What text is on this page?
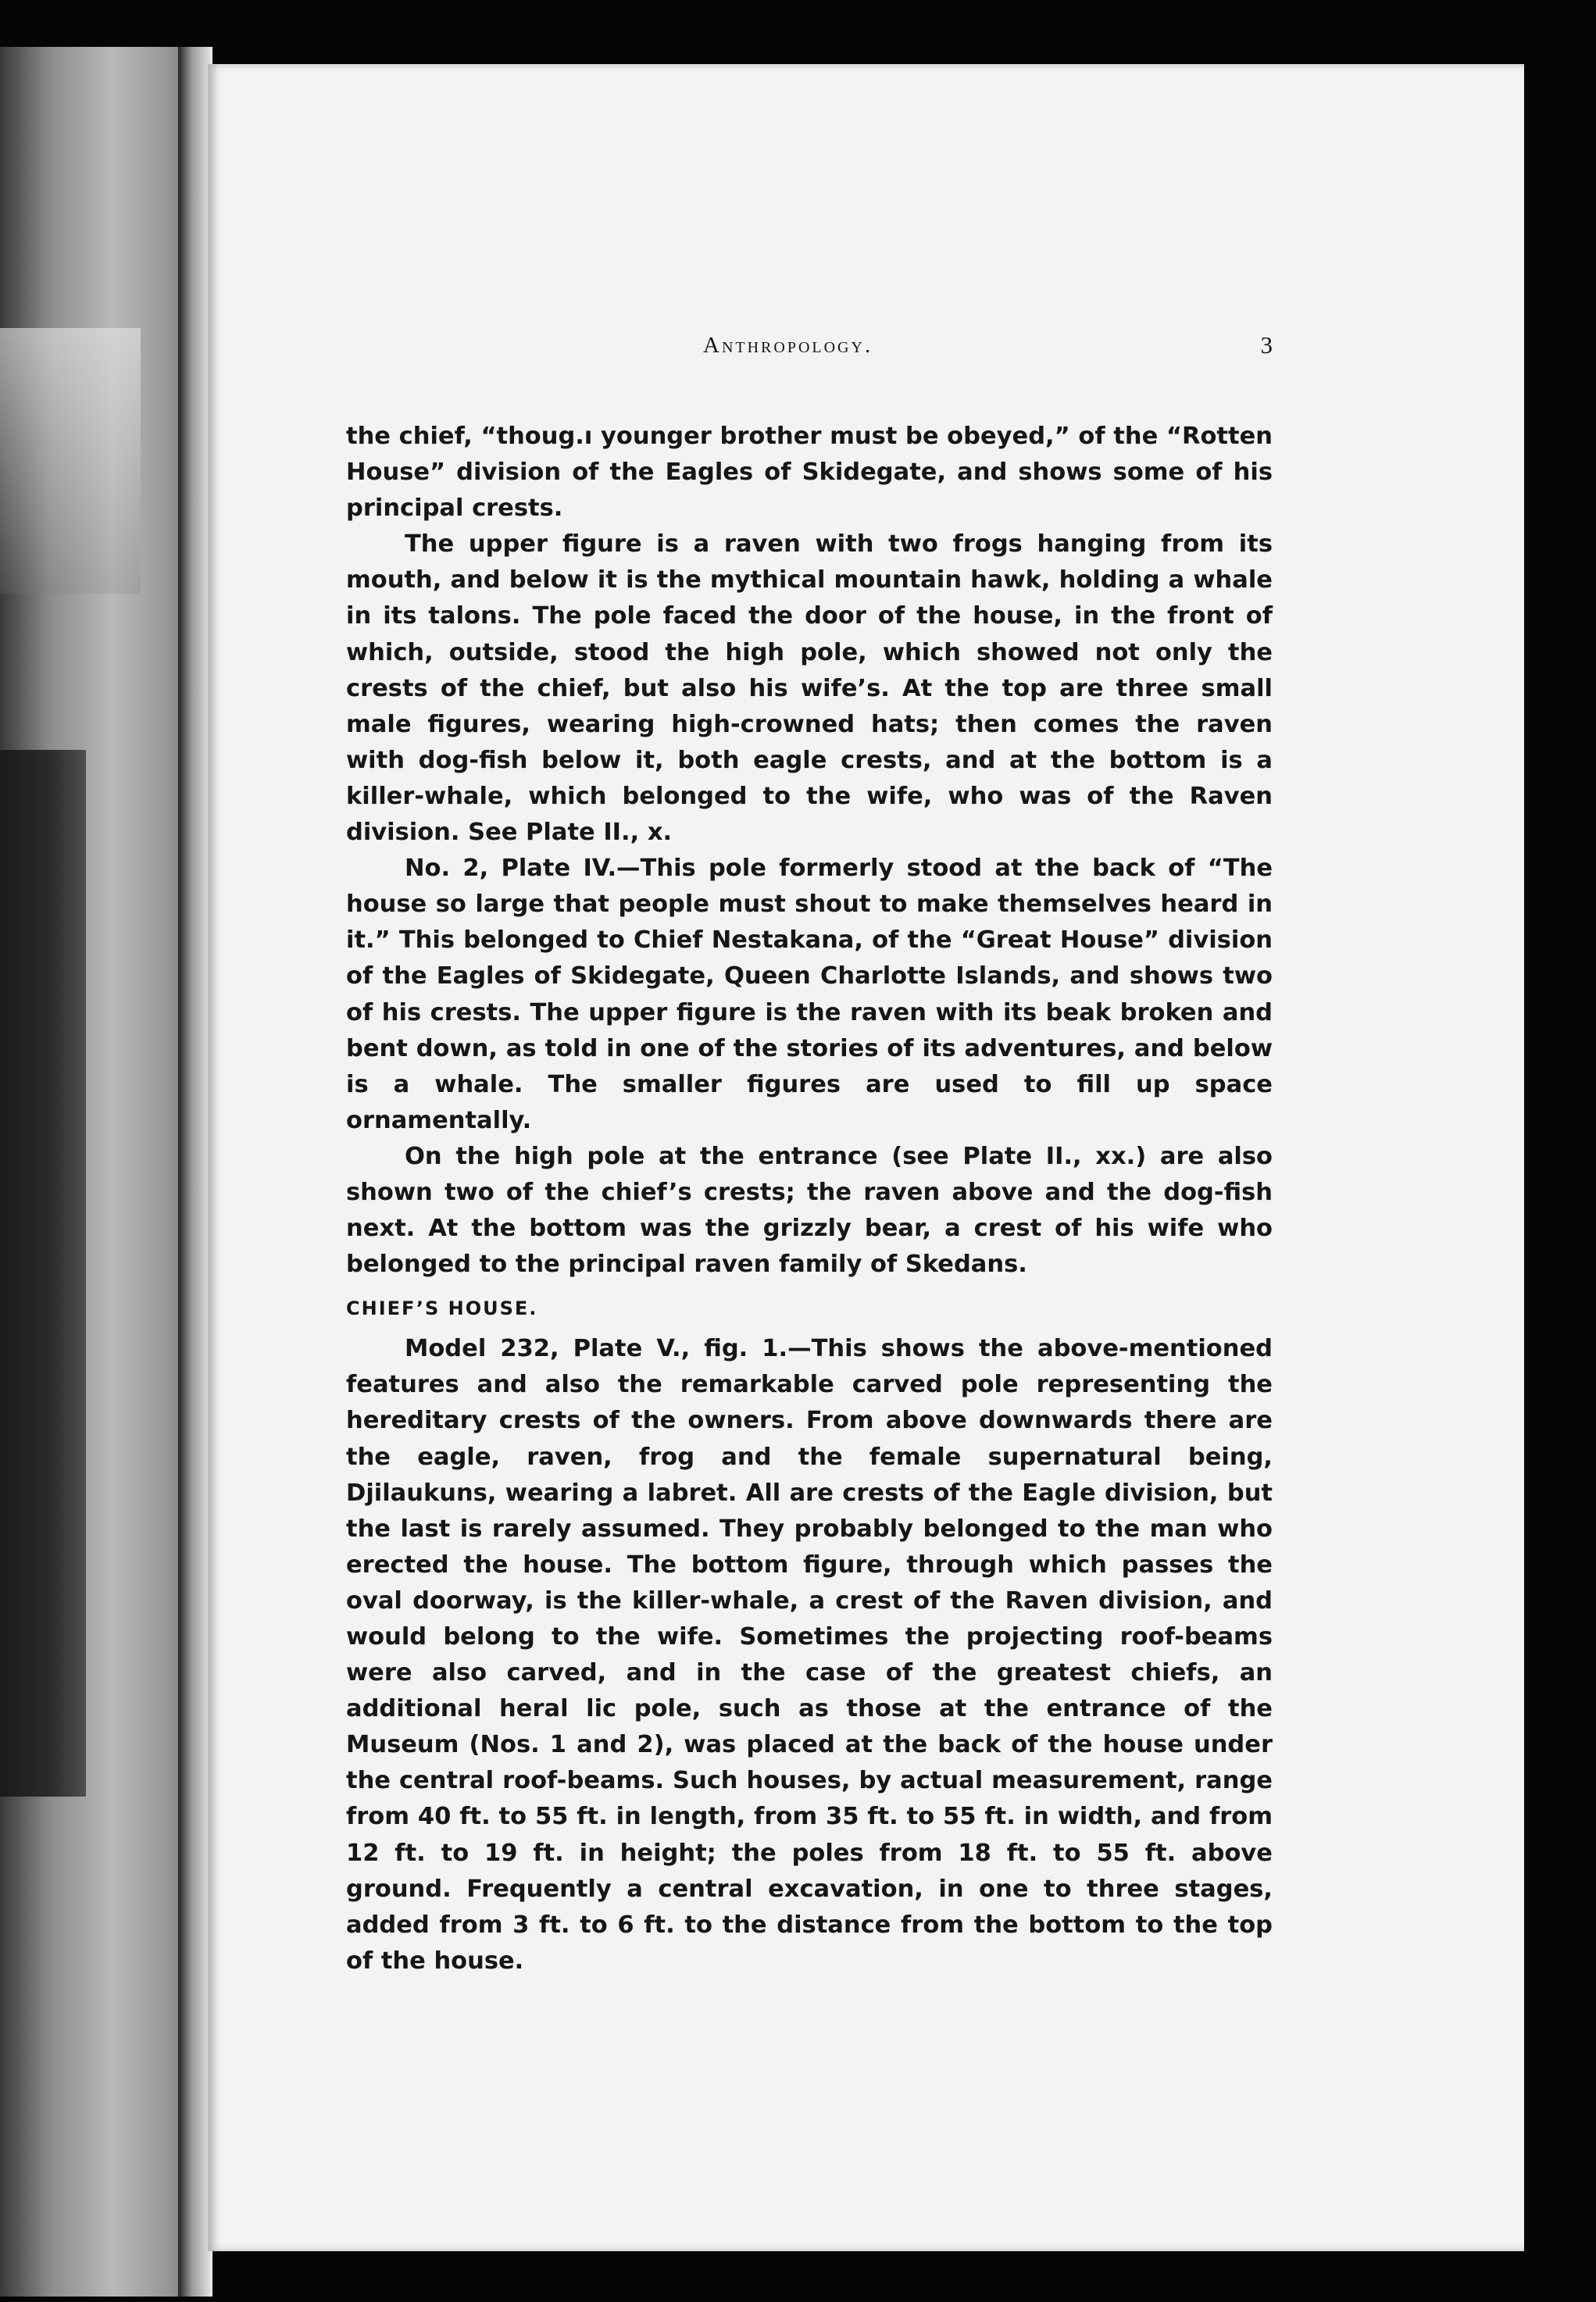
Anthropology.	3

the chief, “thoug.ı younger brother must be obeyed,” of the “Rotten House” division of the Eagles of Skidegate, and shows some of his principal crests.

The upper figure is a raven with two frogs hanging from its mouth, and below it is the mythical mountain hawk, holding a whale in its talons. The pole faced the door of the house, in the front of which, outside, stood the high pole, which showed not only the crests of the chief, but also his wife’s. At the top are three small male figures, wearing high-crowned hats; then comes the raven with dog-fish below it, both eagle crests, and at the bottom is a killer-whale, which belonged to the wife, who was of the Raven division. See Plate II., x.

No. 2, Plate IV.—This pole formerly stood at the back of “The house so large that people must shout to make themselves heard in it.” This belonged to Chief Nestakana, of the “Great House” division of the Eagles of Skidegate, Queen Charlotte Islands, and shows two of his crests. The upper figure is the raven with its beak broken and bent down, as told in one of the stories of its adventures, and below is a whale. The smaller figures are used to fill up space ornamentally.

On the high pole at the entrance (see Plate II., xx.) are also shown two of the chief’s crests; the raven above and the dog-fish next. At the bottom was the grizzly bear, a crest of his wife who belonged to the principal raven family of Skedans.

CHIEF’S HOUSE.

Model 232, Plate V., fig. 1.—This shows the above-mentioned features and also the remarkable carved pole representing the hereditary crests of the owners. From above downwards there are the eagle, raven, frog and the female supernatural being, Djilaukuns, wearing a labret. All are crests of the Eagle division, but the last is rarely assumed. They probably belonged to the man who erected the house. The bottom figure, through which passes the oval doorway, is the killer-whale, a crest of the Raven division, and would belong to the wife. Sometimes the projecting roof-beams were also carved, and in the case of the greatest chiefs, an additional heral lic pole, such as those at the entrance of the Museum (Nos. 1 and 2), was placed at the back of the house under the central roof-beams. Such houses, by actual measurement, range from 40 ft. to 55 ft. in length, from 35 ft. to 55 ft. in width, and from 12 ft. to 19 ft. in height; the poles from 18 ft. to 55 ft. above ground. Frequently a central excavation, in one to three stages, added from 3 ft. to 6 ft. to the distance from the bottom to the top of the house.
